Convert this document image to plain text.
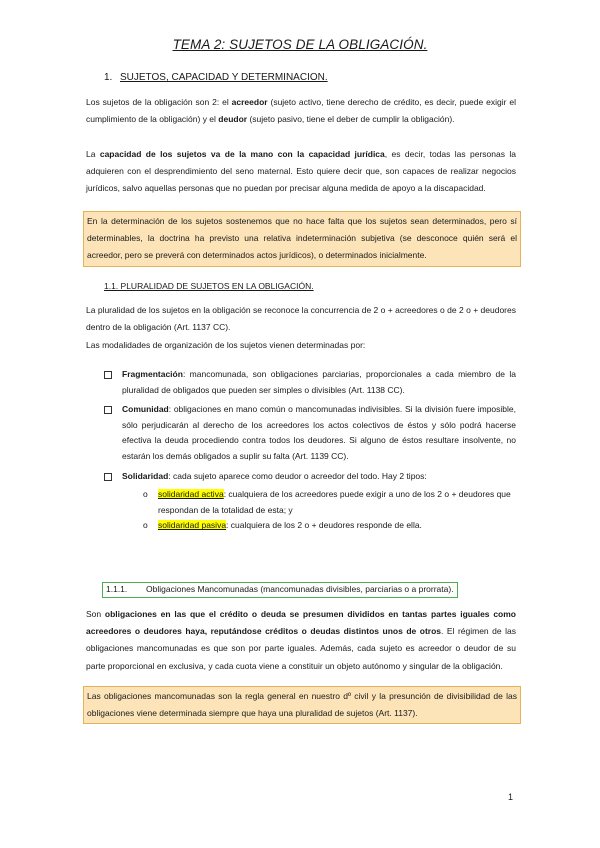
TEMA 2: SUJETOS DE LA OBLIGACIÓN.
1. SUJETOS, CAPACIDAD Y DETERMINACION.
Los sujetos de la obligación son 2: el acreedor (sujeto activo, tiene derecho de crédito, es decir, puede exigir el cumplimiento de la obligación) y el deudor (sujeto pasivo, tiene el deber de cumplir la obligación).
La capacidad de los sujetos va de la mano con la capacidad jurídica, es decir, todas las personas la adquieren con el desprendimiento del seno maternal. Esto quiere decir que, son capaces de realizar negocios jurídicos, salvo aquellas personas que no puedan por precisar alguna medida de apoyo a la discapacidad.
En la determinación de los sujetos sostenemos que no hace falta que los sujetos sean determinados, pero sí determinables, la doctrina ha previsto una relativa indeterminación subjetiva (se desconoce quién será el acreedor, pero se preverá con determinados actos jurídicos), o determinados inicialmente.
1.1. PLURALIDAD DE SUJETOS EN LA OBLIGACIÓN.
La pluralidad de los sujetos en la obligación se reconoce la concurrencia de 2 o + acreedores o de 2 o + deudores dentro de la obligación (Art. 1137 CC).
Las modalidades de organización de los sujetos vienen determinadas por:
Fragmentación: mancomunada, son obligaciones parciarias, proporcionales a cada miembro de la pluralidad de obligados que pueden ser simples o divisibles (Art. 1138 CC).
Comunidad: obligaciones en mano común o mancomunadas indivisibles. Si la división fuere imposible, sólo perjudicarán al derecho de los acreedores los actos colectivos de éstos y sólo podrá hacerse efectiva la deuda procediendo contra todos los deudores. Si alguno de éstos resultare insolvente, no estarán los demás obligados a suplir su falta (Art. 1139 CC).
Solidaridad: cada sujeto aparece como deudor o acreedor del todo. Hay 2 tipos:
o solidaridad activa: cualquiera de los acreedores puede exigir a uno de los 2 o + deudores que respondan de la totalidad de esta; y
o solidaridad pasiva: cualquiera de los 2 o + deudores responde de ella.
1.1.1. Obligaciones Mancomunadas (mancomunadas divisibles, parciarias o a prorrata).
Son obligaciones en las que el crédito o deuda se presumen divididos en tantas partes iguales como acreedores o deudores haya, reputándose créditos o deudas distintos unos de otros. El régimen de las obligaciones mancomunadas es que son por parte iguales. Además, cada sujeto es acreedor o deudor de su parte proporcional en exclusiva, y cada cuota viene a constituir un objeto autónomo y singular de la obligación.
Las obligaciones mancomunadas son la regla general en nuestro dº civil y la presunción de divisibilidad de las obligaciones viene determinada siempre que haya una pluralidad de sujetos (Art. 1137).
1
